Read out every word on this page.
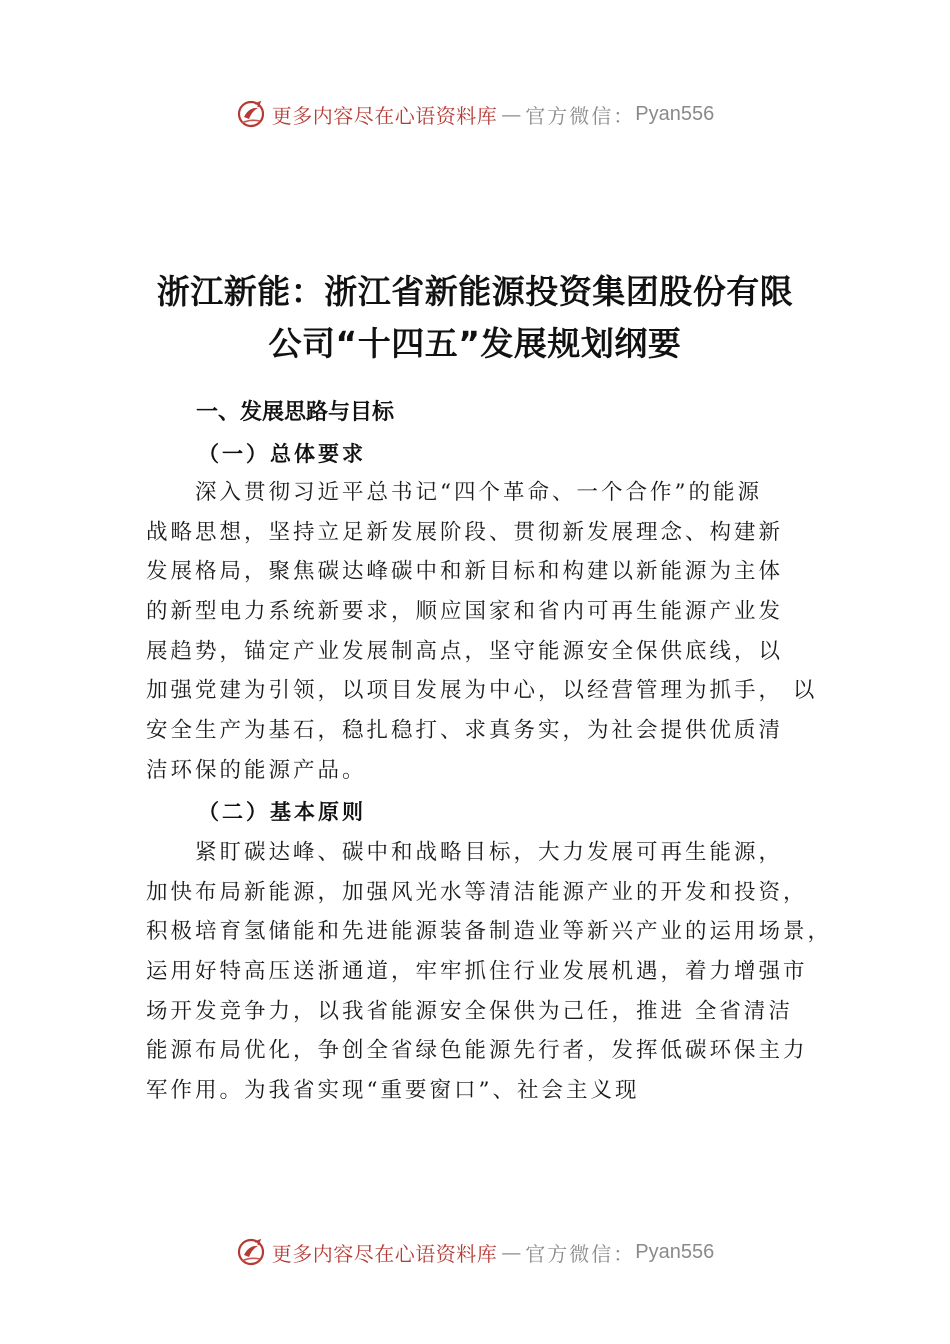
更多内容尽在心语资料库 — 官方微信： Pyan556
浙江新能：浙江省新能源投资集团股份有限
公司“十四五”发展规划纲要
一、发展思路与目标
（一）总体要求
　　深入贯彻习近平总书记“四个革命、一个合作”的能源
战略思想，坚持立足新发展阶段、贯彻新发展理念、构建新
发展格局，聚焦碳达峰碳中和新目标和构建以新能源为主体
的新型电力系统新要求，顺应国家和省内可再生能源产业发
展趋势，锚定产业发展制高点，坚守能源安全保供底线，以
加强党建为引领，以项目发展为中心，以经营管理为抓手， 以
安全生产为基石，稳扎稳打、求真务实，为社会提供优质清
洁环保的能源产品。
（二）基本原则
　　紧盯碳达峰、碳中和战略目标，大力发展可再生能源，
加快布局新能源，加强风光水等清洁能源产业的开发和投资，
积极培育氢储能和先进能源装备制造业等新兴产业的运用场景，
运用好特高压送浙通道，牢牢抓住行业发展机遇，着力增强市
场开发竞争力，以我省能源安全保供为己任，推进 全省清洁
能源布局优化，争创全省绿色能源先行者，发挥低碳环保主力
军作用。为我省实现“重要窗口”、社会主义现
更多内容尽在心语资料库 — 官方微信： Pyan556
